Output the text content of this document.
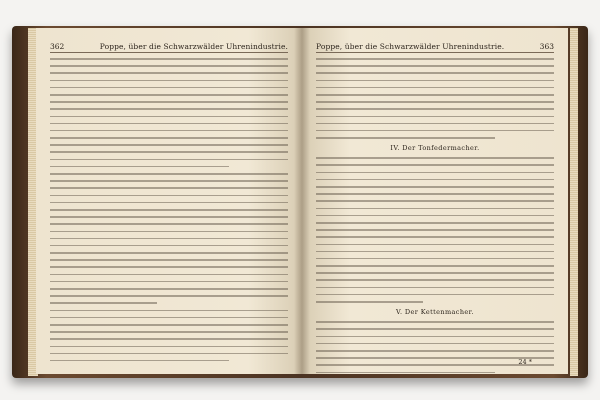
362	Poppe, über die Schwarzwälder Uhrenindustrie.	Poppe, über die Schwarzwälder Uhrenindustrie.	363
IV. Der Tonfedermacher.
V. Der Kettenmacher.
24 *
